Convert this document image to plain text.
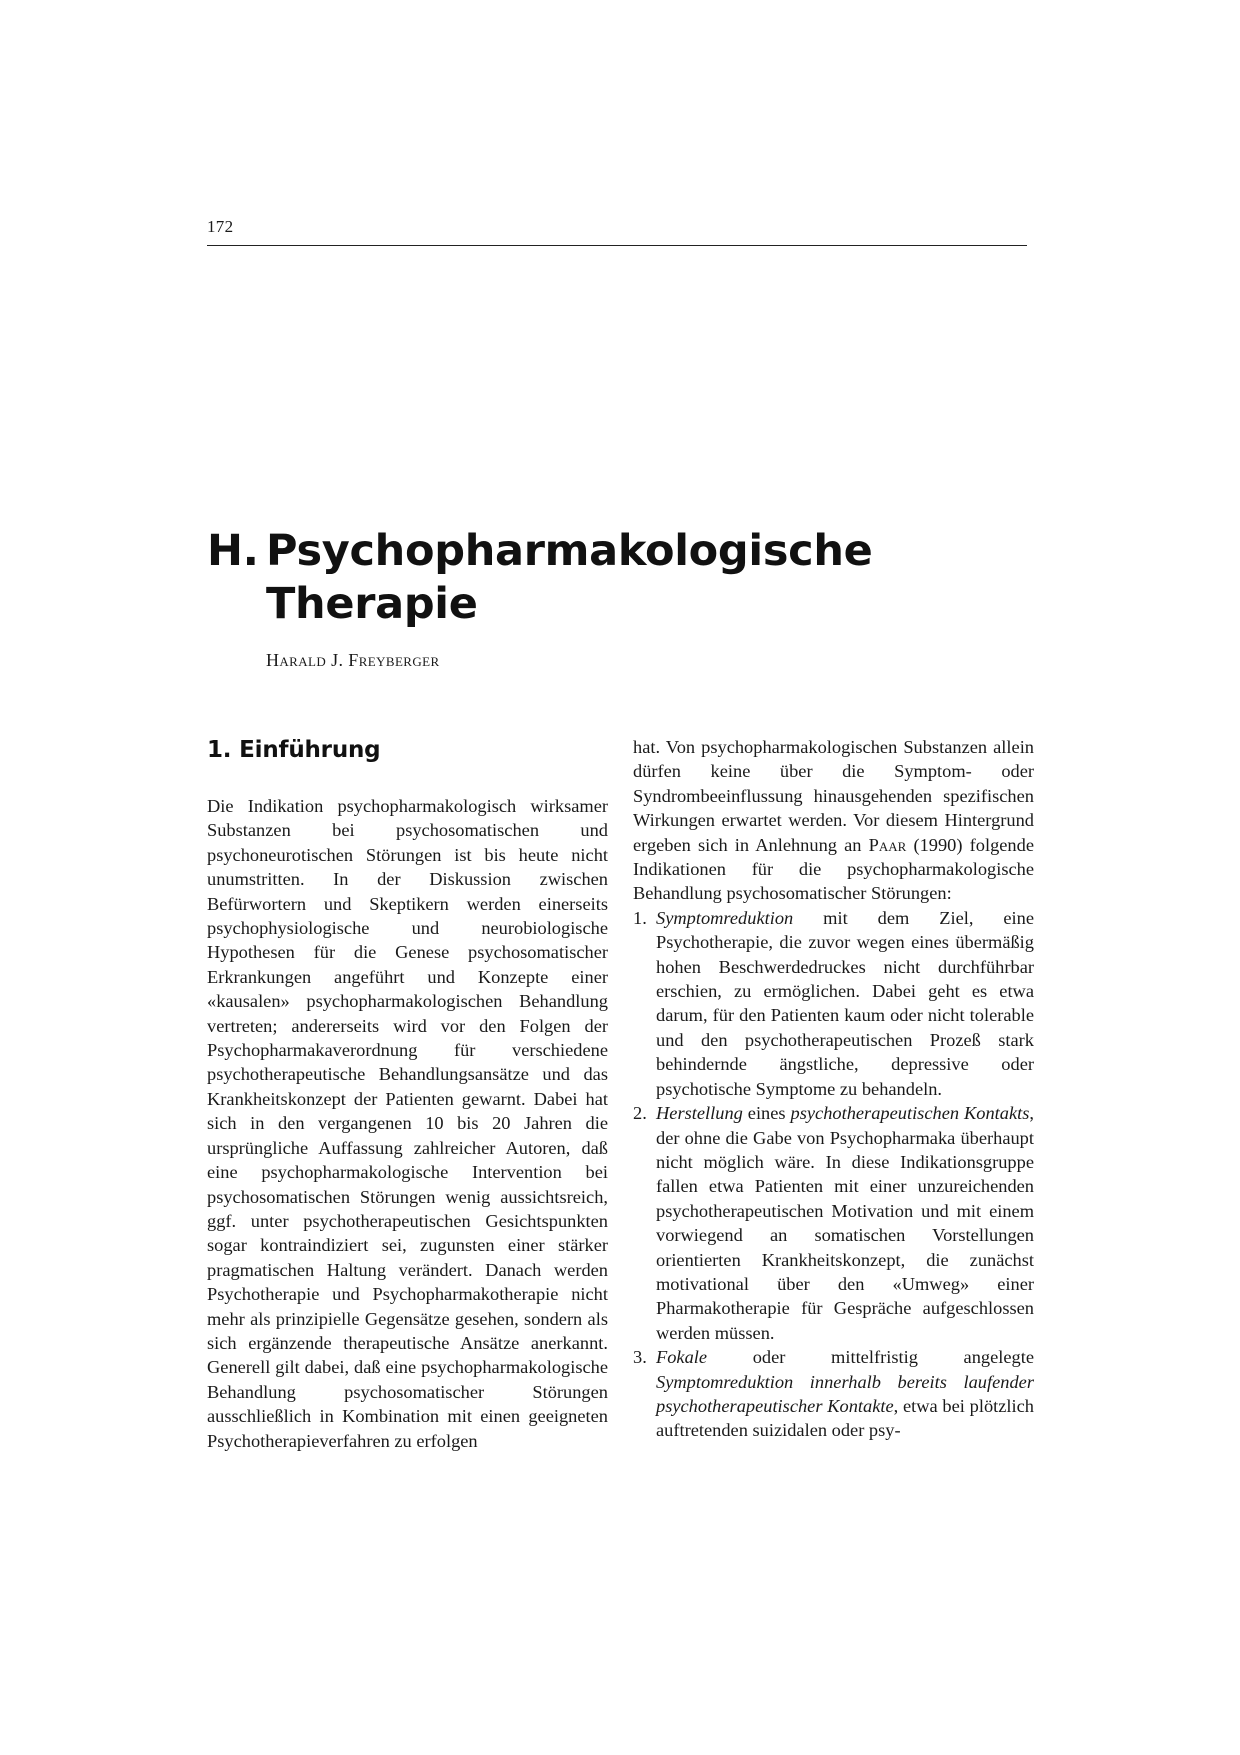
172
H. Psychopharmakologische
Therapie
Harald J. Freyberger
1. Einführung

Die Indikation psychopharmakologisch wirksamer Substanzen bei psychosomatischen und psychoneurotischen Störungen ist bis heute nicht unumstritten. In der Diskussion zwischen Befürwortern und Skeptikern werden einerseits psychophysiologische und neurobiologische Hypothesen für die Genese psychosomatischer Erkrankungen angeführt und Konzepte einer «kausalen» psychopharmakologischen Behandlung vertreten; andererseits wird vor den Folgen der Psychopharmakaverordnung für verschiedene psychotherapeutische Behandlungsansätze und das Krankheitskonzept der Patienten gewarnt. Dabei hat sich in den vergangenen 10 bis 20 Jahren die ursprüngliche Auffassung zahlreicher Autoren, daß eine psychopharmakologische Intervention bei psychosomatischen Störungen wenig aussichtsreich, ggf. unter psychotherapeutischen Gesichtspunkten sogar kontraindiziert sei, zugunsten einer stärker pragmatischen Haltung verändert. Danach werden Psychotherapie und Psychopharmakotherapie nicht mehr als prinzipielle Gegensätze gesehen, sondern als sich ergänzende therapeutische Ansätze anerkannt. Generell gilt dabei, daß eine psychopharmakologische Behandlung psychosomatischer Störungen ausschließlich in Kombination mit einen geeigneten Psychotherapieverfahren zu erfolgen

hat. Von psychopharmakologischen Substanzen allein dürfen keine über die Symptom- oder Syndrombeeinflussung hinausgehenden spezifischen Wirkungen erwartet werden. Vor diesem Hintergrund ergeben sich in Anlehnung an Paar (1990) folgende Indikationen für die psychopharmakologische Behandlung psychosomatischer Störungen:

1. Symptomreduktion mit dem Ziel, eine Psychotherapie, die zuvor wegen eines übermäßig hohen Beschwerdedruckes nicht durchführbar erschien, zu ermöglichen. Dabei geht es etwa darum, für den Patienten kaum oder nicht tolerable und den psychotherapeutischen Prozeß stark behindernde ängstliche, depressive oder psychotische Symptome zu behandeln.
2. Herstellung eines psychotherapeutischen Kontakts, der ohne die Gabe von Psychopharmaka überhaupt nicht möglich wäre. In diese Indikationsgruppe fallen etwa Patienten mit einer unzureichenden psychotherapeutischen Motivation und mit einem vorwiegend an somatischen Vorstellungen orientierten Krankheitskonzept, die zunächst motivational über den «Umweg» einer Pharmakotherapie für Gespräche aufgeschlossen werden müssen.
3. Fokale oder mittelfristig angelegte Symptomreduktion innerhalb bereits laufender psychotherapeutischer Kontakte, etwa bei plötzlich auftretenden suizidalen oder psy-
